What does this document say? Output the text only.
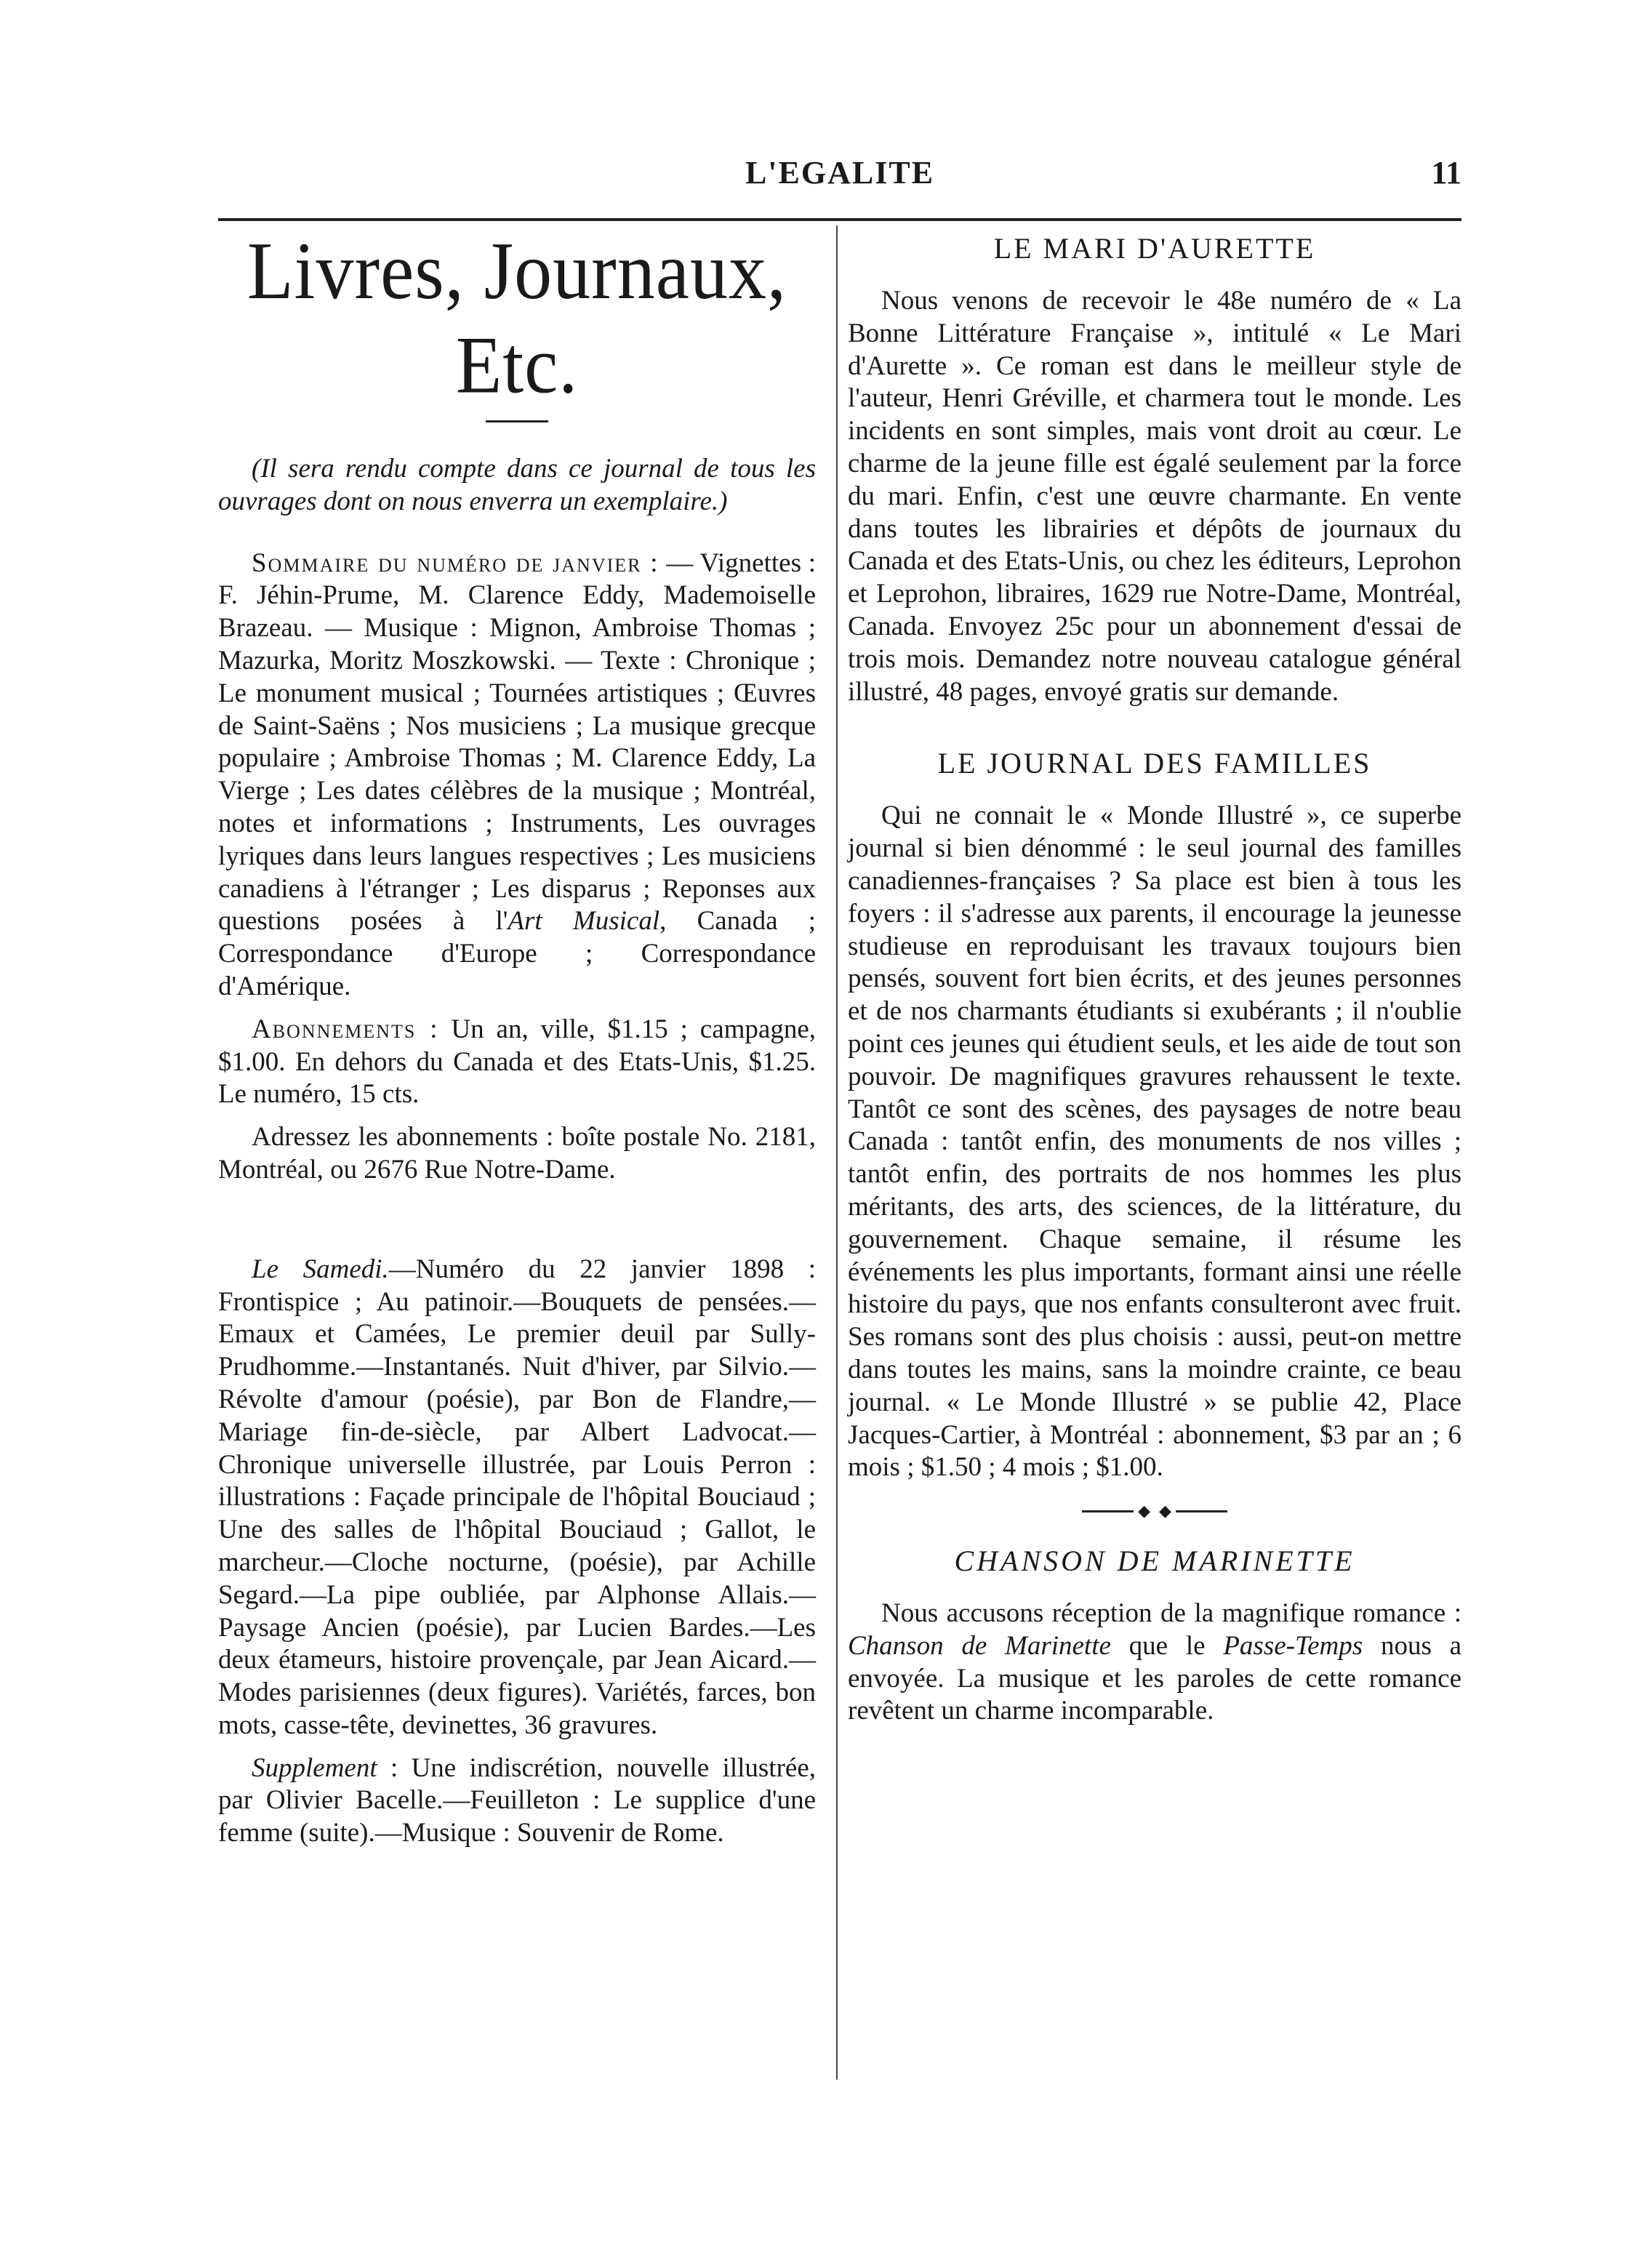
L'EGALITE	11
Livres, Journaux, Etc.

(Il sera rendu compte dans ce journal de tous les ouvrages dont on nous enverra un exemplaire.)

Sommaire du numéro de janvier : — Vignettes : F. Jéhin-Prume, M. Clarence Eddy, Mademoiselle Brazeau. — Musique : Mignon, Ambroise Thomas ; Mazurka, Moritz Moszkowski. — Texte : Chronique ; Le monument musical ; Tournées artistiques ; Œuvres de Saint-Saëns ; Nos musiciens ; La musique grecque populaire ; Ambroise Thomas ; M. Clarence Eddy, La Vierge ; Les dates célèbres de la musique ; Montréal, notes et informations ; Instruments, Les ouvrages lyriques dans leurs langues respectives ; Les musiciens canadiens à l'étranger ; Les disparus ; Reponses aux questions posées à l'Art Musical, Canada ; Correspondance d'Europe ; Correspondance d'Amérique.

Abonnements : Un an, ville, $1.15 ; campagne, $1.00. En dehors du Canada et des Etats-Unis, $1.25. Le numéro, 15 cts.

Adressez les abonnements : boîte postale No. 2181, Montréal, ou 2676 Rue Notre-Dame.

Le Samedi.—Numéro du 22 janvier 1898 : Frontispice ; Au patinoir.—Bouquets de pensées.—Emaux et Camées, Le premier deuil par Sully-Prudhomme.—Instantanés. Nuit d'hiver, par Silvio.—Révolte d'amour (poésie), par Bon de Flandre,—Mariage fin-de-siècle, par Albert Ladvocat.—Chronique universelle illustrée, par Louis Perron : illustrations : Façade principale de l'hôpital Bouciaud ; Une des salles de l'hôpital Bouciaud ; Gallot, le marcheur.—Cloche nocturne, (poésie), par Achille Segard.—La pipe oubliée, par Alphonse Allais.—Paysage Ancien (poésie), par Lucien Bardes.—Les deux étameurs, histoire provençale, par Jean Aicard.—Modes parisiennes (deux figures). Variétés, farces, bon mots, casse-tête, devinettes, 36 gravures.

Supplement : Une indiscrétion, nouvelle illustrée, par Olivier Bacelle.—Feuilleton : Le supplice d'une femme (suite).—Musique : Souvenir de Rome.

LE MARI D'AURETTE

Nous venons de recevoir le 48e numéro de « La Bonne Littérature Française », intitulé « Le Mari d'Aurette ». Ce roman est dans le meilleur style de l'auteur, Henri Gréville, et charmera tout le monde. Les incidents en sont simples, mais vont droit au cœur. Le charme de la jeune fille est égalé seulement par la force du mari. Enfin, c'est une œuvre charmante. En vente dans toutes les librairies et dépôts de journaux du Canada et des Etats-Unis, ou chez les éditeurs, Leprohon et Leprohon, libraires, 1629 rue Notre-Dame, Montréal, Canada. Envoyez 25c pour un abonnement d'essai de trois mois. Demandez notre nouveau catalogue général illustré, 48 pages, envoyé gratis sur demande.

LE JOURNAL DES FAMILLES

Qui ne connait le « Monde Illustré », ce superbe journal si bien dénommé : le seul journal des familles canadiennes-françaises ? Sa place est bien à tous les foyers : il s'adresse aux parents, il encourage la jeunesse studieuse en reproduisant les travaux toujours bien pensés, souvent fort bien écrits, et des jeunes personnes et de nos charmants étudiants si exubérants ; il n'oublie point ces jeunes qui étudient seuls, et les aide de tout son pouvoir. De magnifiques gravures rehaussent le texte. Tantôt ce sont des scènes, des paysages de notre beau Canada : tantôt enfin, des monuments de nos villes ; tantôt enfin, des portraits de nos hommes les plus méritants, des arts, des sciences, de la littérature, du gouvernement. Chaque semaine, il résume les événements les plus importants, formant ainsi une réelle histoire du pays, que nos enfants consulteront avec fruit. Ses romans sont des plus choisis : aussi, peut-on mettre dans toutes les mains, sans la moindre crainte, ce beau journal. « Le Monde Illustré » se publie 42, Place Jacques-Cartier, à Montréal : abonnement, $3 par an ; 6 mois ; $1.50 ; 4 mois ; $1.00.

◆ ◆
CHANSON DE MARINETTE

Nous accusons réception de la magnifique romance : Chanson de Marinette que le Passe-Temps nous a envoyée. La musique et les paroles de cette romance revêtent un charme incomparable.
